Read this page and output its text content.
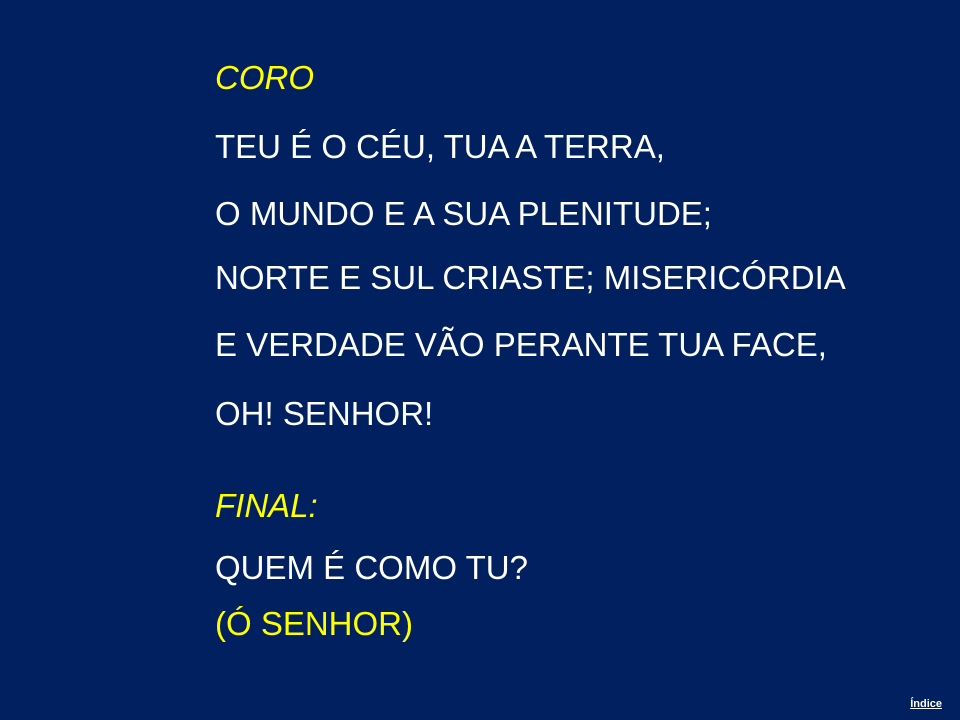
CORO
TEU É O CÉU, TUA A TERRA,
O MUNDO E A SUA PLENITUDE;
NORTE E SUL CRIASTE; MISERICÓRDIA
E VERDADE VÃO PERANTE TUA FACE,
OH! SENHOR!
FINAL:
QUEM É COMO TU?
(Ó SENHOR)
Índice
